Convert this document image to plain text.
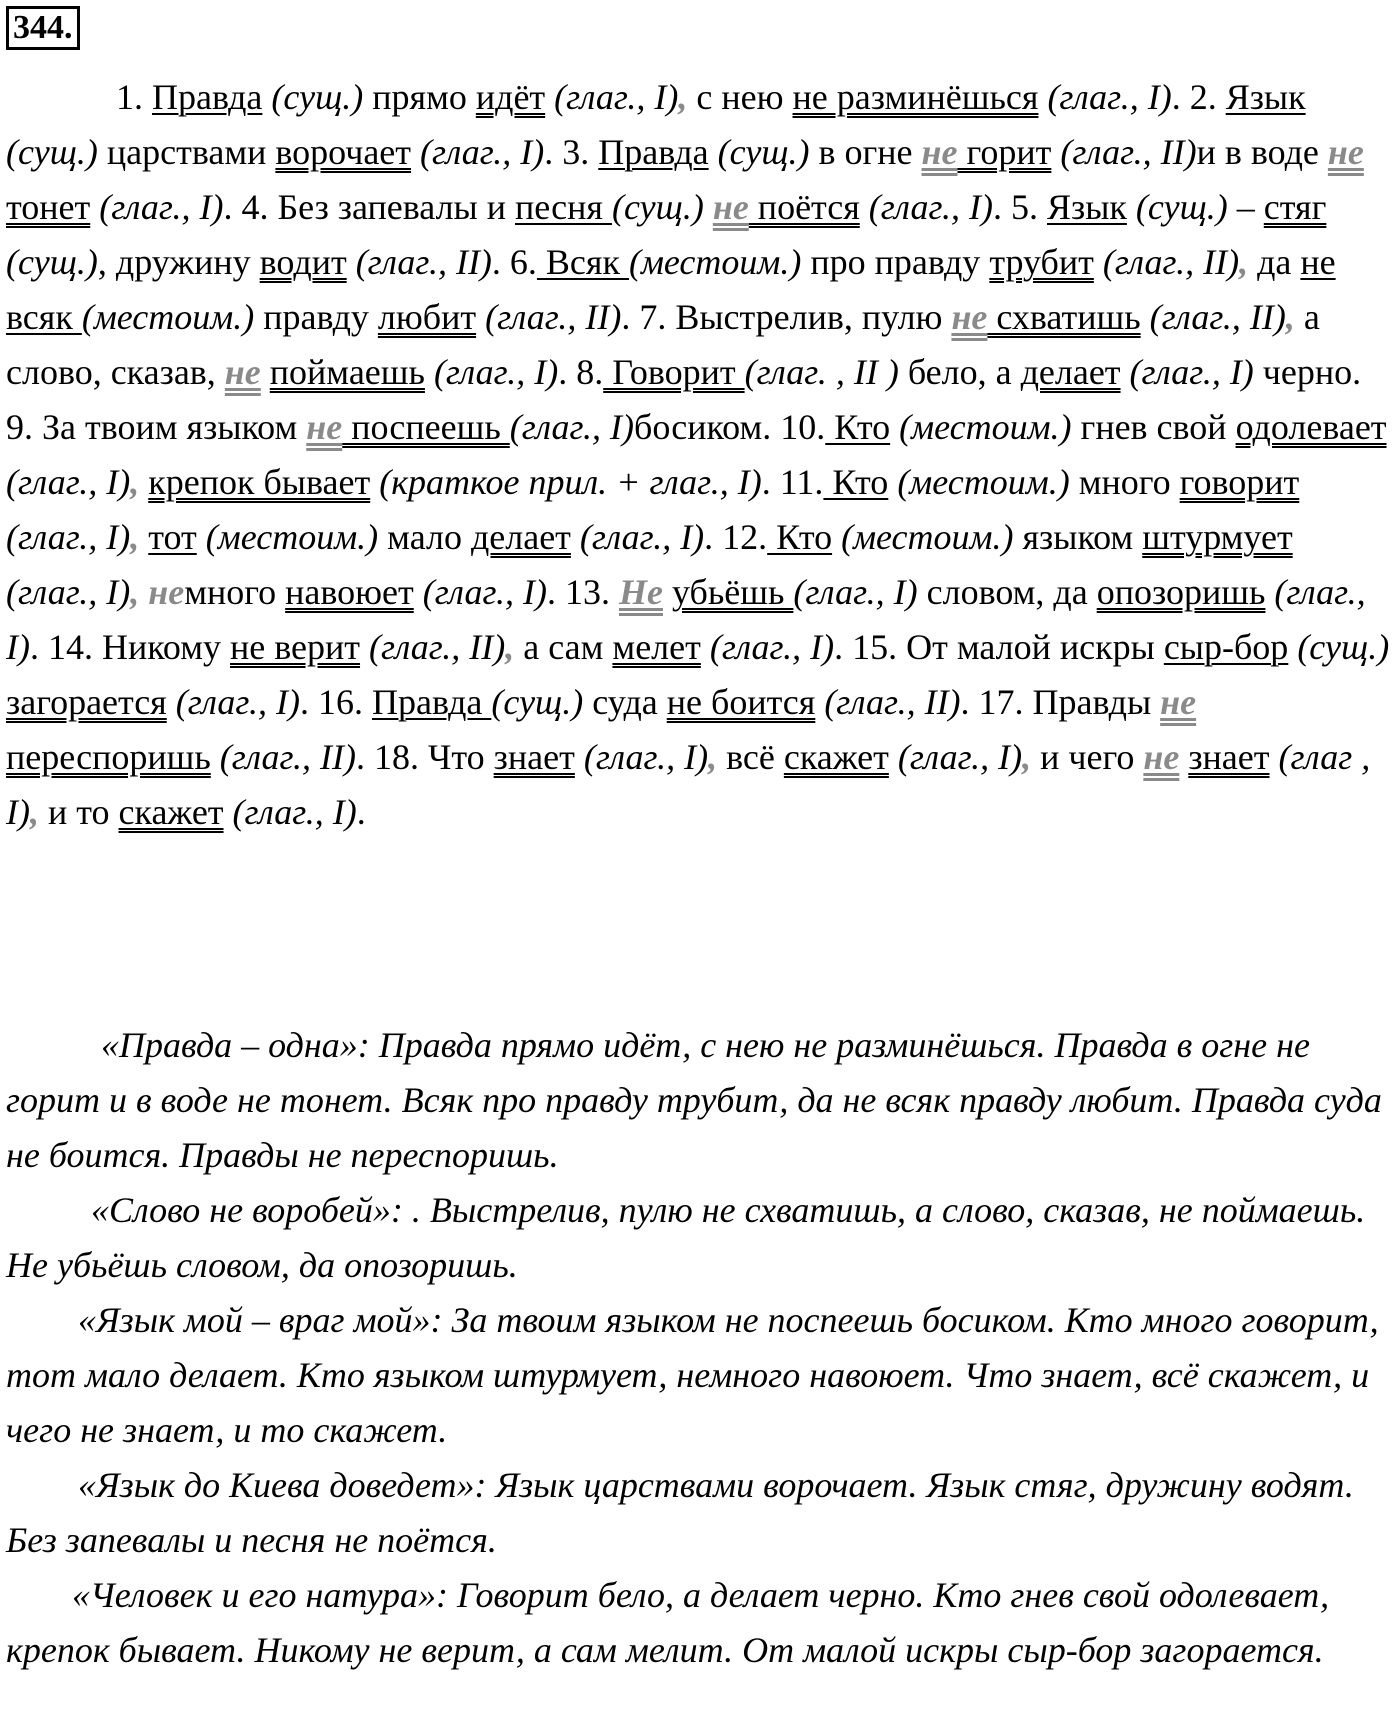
344.

1. Правда (сущ.) прямо идёт (глаг., I), с нею не разминёшься (глаг., I). 2. Язык (сущ.) царствами ворочает (глаг., I). 3. Правда (сущ.) в огне не горит (глаг., II)и в воде не тонет (глаг., I). 4. Без запевалы и песня (сущ.) не поётся (глаг., I). 5. Язык (сущ.) – стяг (сущ.), дружину водит (глаг., II). 6. Всяк (местоим.) про правду трубит (глаг., II), да не всяк (местоим.) правду любит (глаг., II). 7. Выстрелив, пулю не схватишь (глаг., II), а слово, сказав, не поймаешь (глаг., I). 8. Говорит (глаг. , II ) бело, а делает (глаг., I) черно. 9. За твоим языком не поспеешь (глаг., I)босиком. 10. Кто (местоим.) гнев свой одолевает (глаг., I), крепок бывает (краткое прил. + глаг., I). 11. Кто (местоим.) много говорит (глаг., I), тот (местоим.) мало делает (глаг., I). 12. Кто (местоим.) языком штурмует (глаг., I), немного навоюет (глаг., I). 13. Не убьёшь (глаг., I) словом, да опозоришь (глаг., I). 14. Никому не верит (глаг., II), а сам мелет (глаг., I). 15. От малой искры сыр-бор (сущ.) загорается (глаг., I). 16. Правда (сущ.) суда не боится (глаг., II). 17. Правды не переспоришь (глаг., II). 18. Что знает (глаг., I), всё скажет (глаг., I), и чего не знает (глаг , I), и то скажет (глаг., I).

«Правда – одна»: Правда прямо идёт, с нею не разминёшься. Правда в огне не горит и в воде не тонет. Всяк про правду трубит, да не всяк правду любит. Правда суда не боится. Правды не переспоришь.

«Слово не воробей»: . Выстрелив, пулю не схватишь, а слово, сказав, не поймаешь. Не убьёшь словом, да опозоришь.

«Язык мой – враг мой»: За твоим языком не поспеешь босиком. Кто много говорит, тот мало делает. Кто языком штурмует, немного навоюет. Что знает, всё скажет, и чего не знает, и то скажет.

«Язык до Киева доведет»: Язык царствами ворочает. Язык стяг, дружину водят. Без запевалы и песня не поётся.

«Человек и его натура»: Говорит бело, а делает черно. Кто гнев свой одолевает, крепок бывает. Никому не верит, а сам мелит. От малой искры сыр-бор загорается.
